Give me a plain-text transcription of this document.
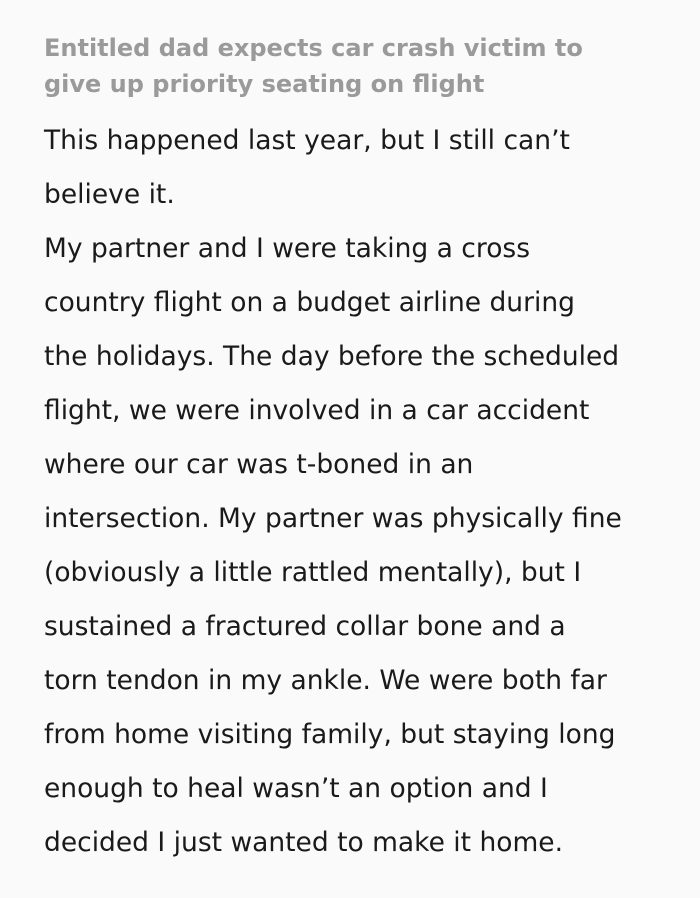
Entitled dad expects car crash victim to
give up priority seating on flight
This happened last year, but I still can’t
believe it.
My partner and I were taking a cross
country flight on a budget airline during
the holidays. The day before the scheduled
flight, we were involved in a car accident
where our car was t-boned in an
intersection. My partner was physically fine
(obviously a little rattled mentally), but I
sustained a fractured collar bone and a
torn tendon in my ankle. We were both far
from home visiting family, but staying long
enough to heal wasn’t an option and I
decided I just wanted to make it home.
